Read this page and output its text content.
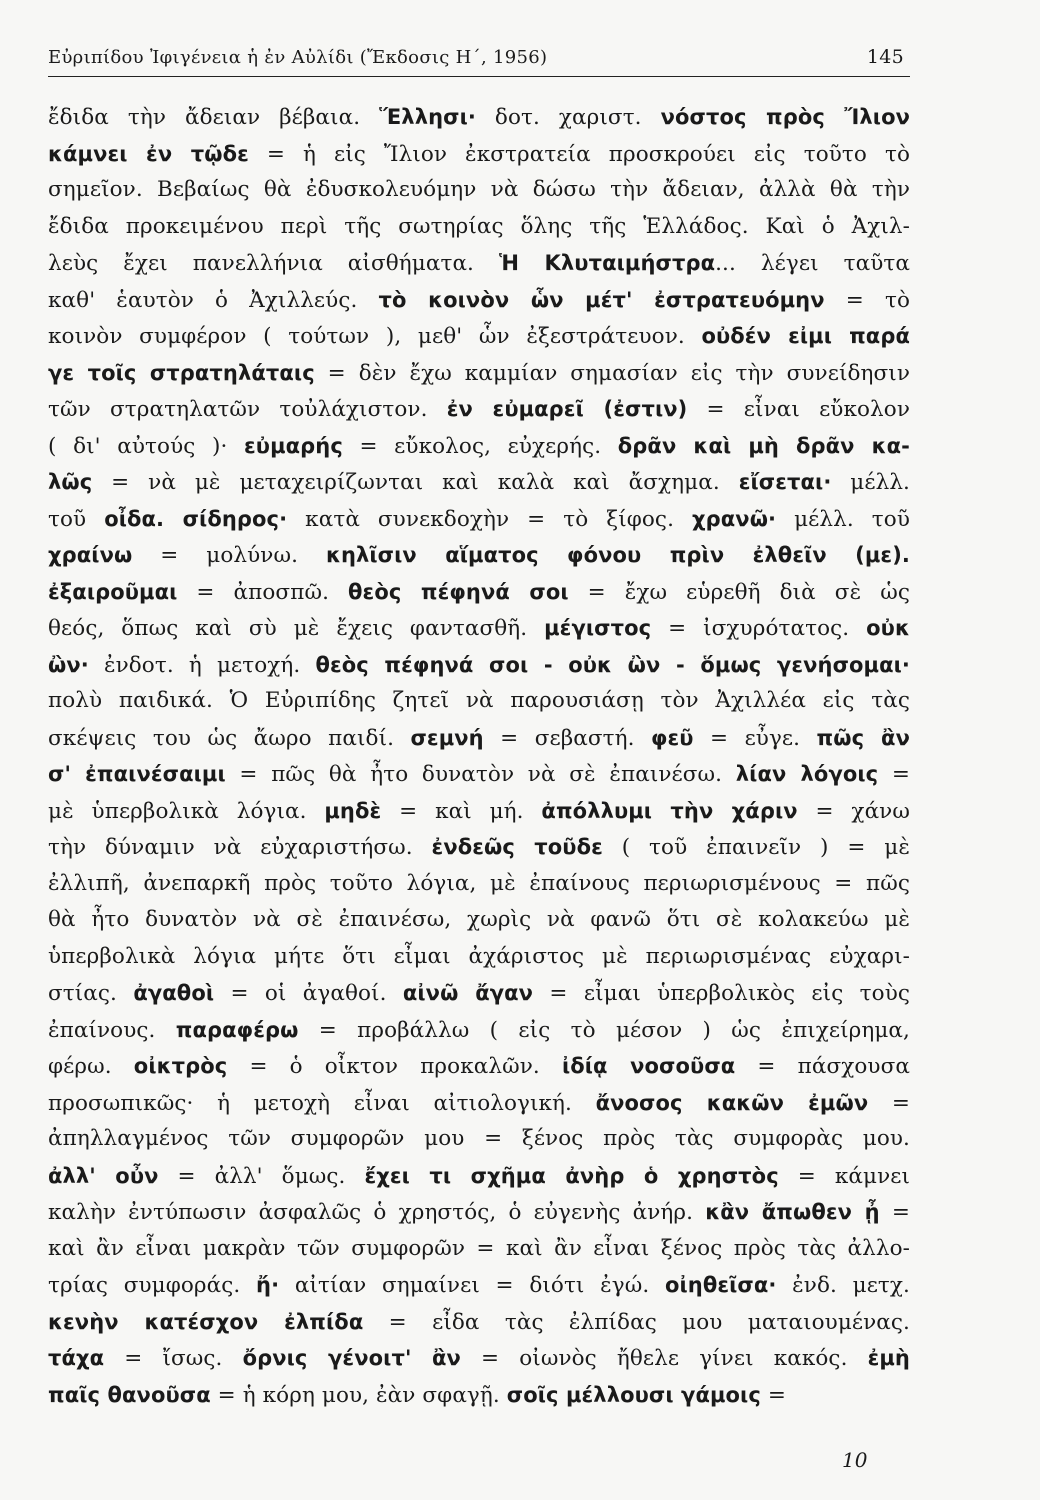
Εὐριπίδου Ἰφιγένεια ἡ ἐν Αὐλίδι (Ἔκδοσις Η΄, 1956)	145
ἔδιδα τὴν ἄδειαν βέβαια. Ἕλλησι· δοτ. χαριστ. νόστος πρὸς Ἴλιον
κάμνει ἐν τῷδε = ἡ εἰς Ἴλιον ἐκστρατεία προσκρούει εἰς τοῦτο τὸ
σημεῖον. Βεβαίως θὰ ἐδυσκολευόμην νὰ δώσω τὴν ἄδειαν, ἀλλὰ θὰ τὴν
ἔδιδα προκειμένου περὶ τῆς σωτηρίας ὅλης τῆς Ἑλλάδος. Καὶ ὁ Ἀχιλ-
λεὺς ἔχει πανελλήνια αἰσθήματα. Ἡ Κλυταιμήστρα... λέγει ταῦτα
καθ' ἑαυτὸν ὁ Ἀχιλλεύς. τὸ κοινὸν ὧν μέτ' ἐστρατευόμην = τὸ
κοινὸν συμφέρον ( τούτων ), μεθ' ὧν ἐξεστράτευον. οὐδέν εἰμι παρά
γε τοῖς στρατηλάταις = δὲν ἔχω καμμίαν σημασίαν εἰς τὴν συνείδησιν
τῶν στρατηλατῶν τοὐλάχιστον. ἐν εὐμαρεῖ (ἐστιν) = εἶναι εὔκολον
( δι' αὐτούς )· εὐμαρής = εὔκολος, εὐχερής. δρᾶν καὶ μὴ δρᾶν κα-
λῶς = νὰ μὲ μεταχειρίζωνται καὶ καλὰ καὶ ἄσχημα. εἴσεται· μέλλ.
τοῦ οἶδα. σίδηρος· κατὰ συνεκδοχὴν = τὸ ξίφος. χρανῶ· μέλλ. τοῦ
χραίνω = μολύνω. κηλῖσιν αἵματος φόνου πρὶν ἐλθεῖν (με).
ἐξαιροῦμαι = ἀποσπῶ. θεὸς πέφηνά σοι = ἔχω εὑρεθῆ διὰ σὲ ὡς
θεός, ὅπως καὶ σὺ μὲ ἔχεις φαντασθῆ. μέγιστος = ἰσχυρότατος. οὐκ
ὢν· ἐνδοτ. ἡ μετοχή. θεὸς πέφηνά σοι - οὐκ ὢν - ὅμως γενήσομαι·
πολὺ παιδικά. Ὁ Εὐριπίδης ζητεῖ νὰ παρουσιάσῃ τὸν Ἀχιλλέα εἰς τὰς
σκέψεις του ὡς ἄωρο παιδί. σεμνή = σεβαστή. φεῦ = εὖγε. πῶς ἂν
σ' ἐπαινέσαιμι = πῶς θὰ ἦτο δυνατὸν νὰ σὲ ἐπαινέσω. λίαν λόγοις =
μὲ ὑπερβολικὰ λόγια. μηδὲ = καὶ μή. ἀπόλλυμι τὴν χάριν = χάνω
τὴν δύναμιν νὰ εὐχαριστήσω. ἐνδεῶς τοῦδε ( τοῦ ἐπαινεῖν ) = μὲ
ἐλλιπῆ, ἀνεπαρκῆ πρὸς τοῦτο λόγια, μὲ ἐπαίνους περιωρισμένους = πῶς
θὰ ἦτο δυνατὸν νὰ σὲ ἐπαινέσω, χωρὶς νὰ φανῶ ὅτι σὲ κολακεύω μὲ
ὑπερβολικὰ λόγια μήτε ὅτι εἶμαι ἀχάριστος μὲ περιωρισμένας εὐχαρι-
στίας. ἀγαθοὶ = οἱ ἀγαθοί. αἰνῶ ἄγαν = εἶμαι ὑπερβολικὸς εἰς τοὺς
ἐπαίνους. παραφέρω = προβάλλω ( εἰς τὸ μέσον ) ὡς ἐπιχείρημα,
φέρω. οἰκτρὸς = ὁ οἶκτον προκαλῶν. ἰδίᾳ νοσοῦσα = πάσχουσα
προσωπικῶς· ἡ μετοχὴ εἶναι αἰτιολογική. ἄνοσος κακῶν ἐμῶν =
ἀπηλλαγμένος τῶν συμφορῶν μου = ξένος πρὸς τὰς συμφορὰς μου.
ἀλλ' οὖν = ἀλλ' ὅμως. ἔχει τι σχῆμα ἀνὴρ ὁ χρηστὸς = κάμνει
καλὴν ἐντύπωσιν ἀσφαλῶς ὁ χρηστός, ὁ εὐγενὴς ἀνήρ. κἂν ἄπωθεν ᾖ =
καὶ ἂν εἶναι μακρὰν τῶν συμφορῶν = καὶ ἂν εἶναι ξένος πρὸς τὰς ἀλλο-
τρίας συμφοράς. ἤ· αἰτίαν σημαίνει = διότι ἐγώ. οἰηθεῖσα· ἐνδ. μετχ.
κενὴν κατέσχον ἐλπίδα = εἶδα τὰς ἐλπίδας μου ματαιουμένας.
τάχα = ἴσως. ὄρνις γένοιτ' ἂν = οἰωνὸς ἤθελε γίνει κακός. ἐμὴ
παῖς θανοῦσα = ἡ κόρη μου, ἐὰν σφαγῇ. σοῖς μέλλουσι γάμοις =
10
